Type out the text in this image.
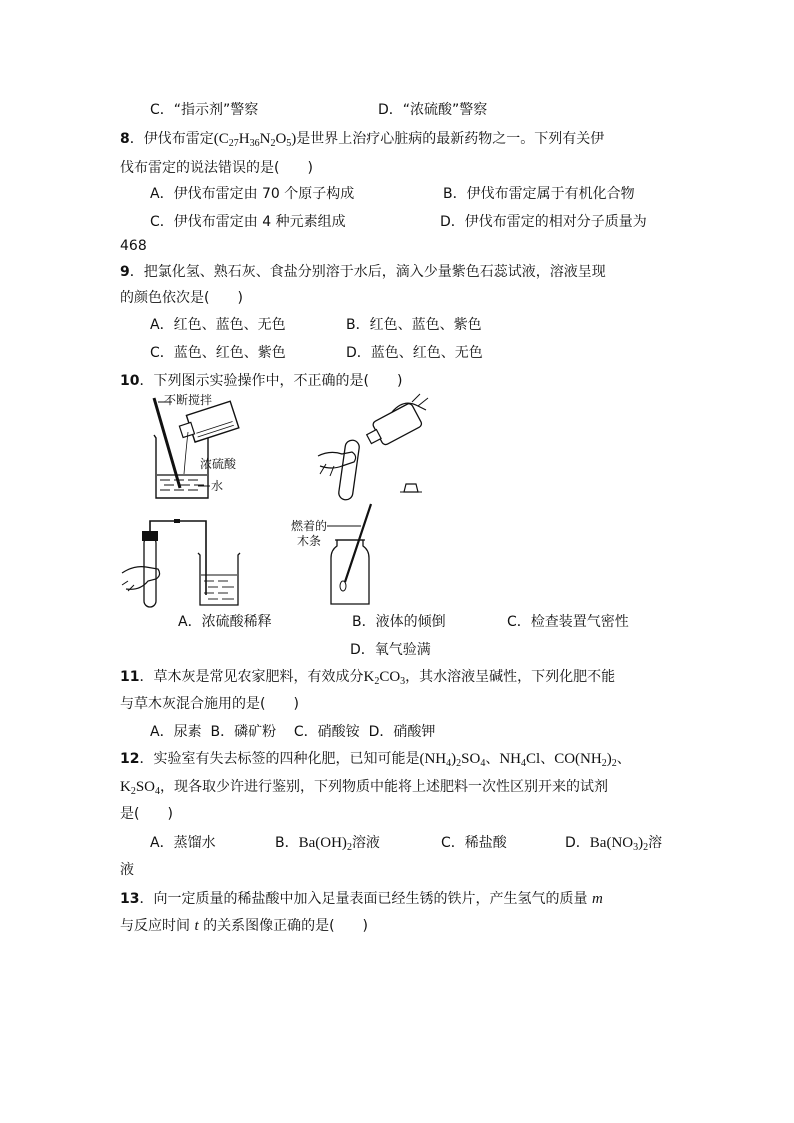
C．“指示剂”警察	D．“浓硫酸”警察
8．伊伐布雷定$(C_{27}H_{36}N_2O_5)$是世界上治疗心脏病的最新药物之一。下列有关伊
伐布雷定的说法错误的是(　　)
A．伊伐布雷定由 70 个原子构成	B．伊伐布雷定属于有机化合物
C．伊伐布雷定由 4 种元素组成	D．伊伐布雷定的相对分子质量为
468
9．把氯化氢、熟石灰、食盐分别溶于水后，滴入少量紫色石蕊试液，溶液呈现
的颜色依次是(　　)
A．红色、蓝色、无色	B．红色、蓝色、紫色
C．蓝色、红色、紫色	D．蓝色、红色、无色
10．下列图示实验操作中，不正确的是(　　)
不断搅拌
浓硫酸
水
燃着的
木条
A．浓硫酸稀释	B．液体的倾倒	C．检查装置气密性
D．氧气验满
11．草木灰是常见农家肥料，有效成分$K_2CO_3$，其水溶液呈碱性，下列化肥不能
与草木灰混合施用的是(　　)
A．尿素 B．磷矿粉 C．硝酸铵 D．硝酸钾
12．实验室有失去标签的四种化肥，已知可能是$(NH_4)_2SO_4$、$NH_4Cl$、$CO(NH_2)_2$、
$K_2SO_4$，现各取少许进行鉴别，下列物质中能将上述肥料一次性区别开来的试剂
是(　　)
A．蒸馏水	B．$Ba(OH)_2$溶液	C．稀盐酸	D．$Ba(NO_3)_2$溶
液
13．向一定质量的稀盐酸中加入足量表面已经生锈的铁片，产生氢气的质量 m
与反应时间 t 的关系图像正确的是(　　)
